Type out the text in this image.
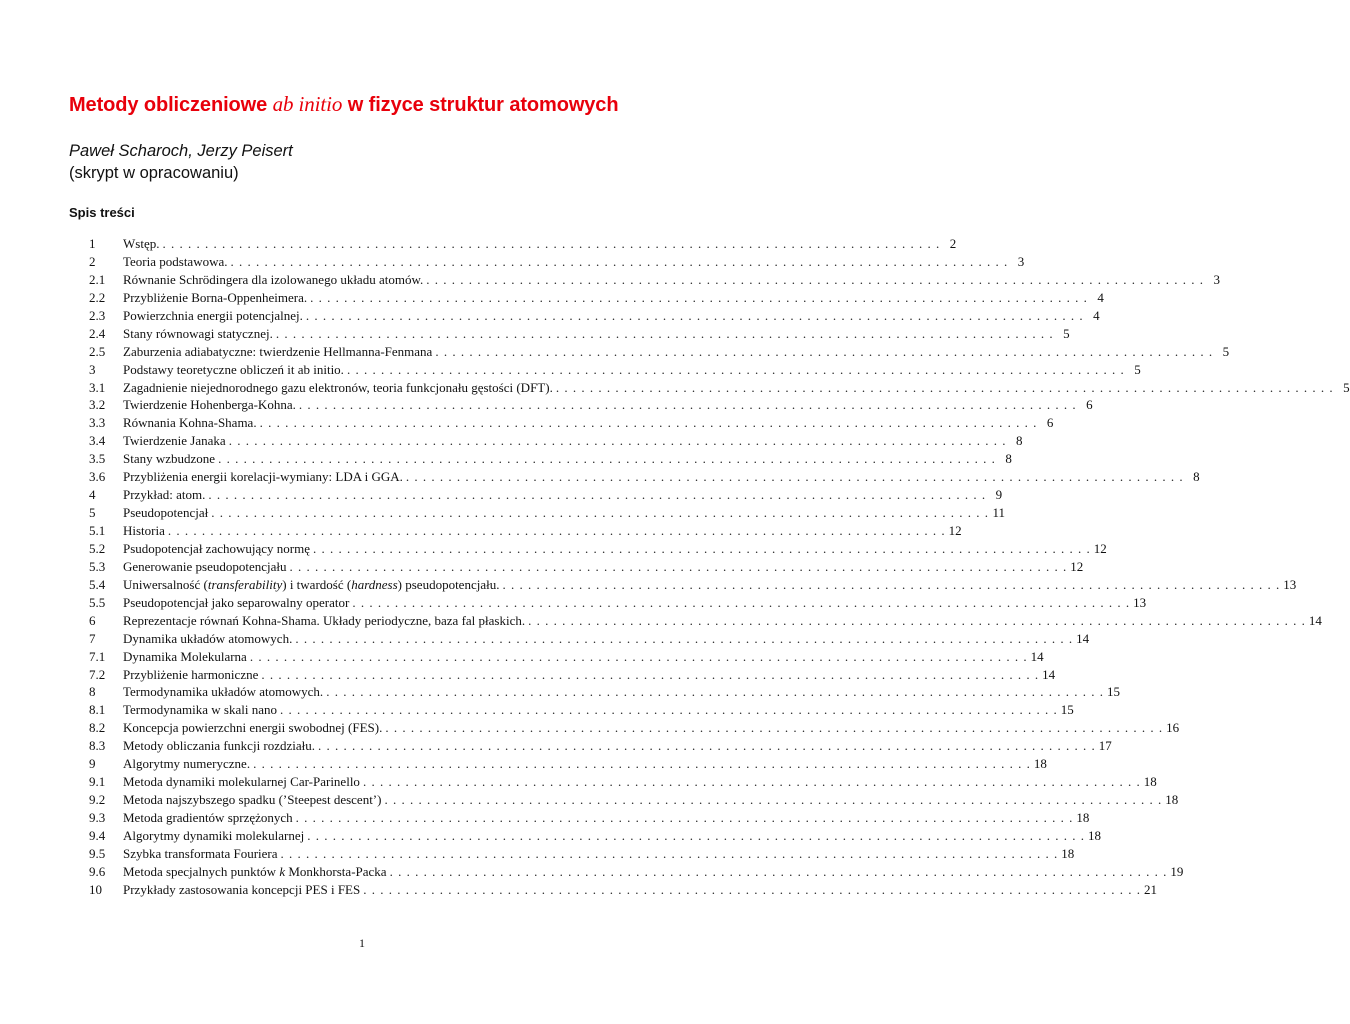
Metody obliczeniowe ab initio w fizyce struktur atomowych
Paweł Scharoch, Jerzy Peisert
(skrypt w opracowaniu)
Spis treści
1	Wstęp. . . .	2
2	Teoria podstawowa. . . .	3
2.1	Równanie Schrödingera dla izolowanego układu atomów. . . .	3
2.2	Przybliżenie Borna-Oppenheimera. . . .	4
2.3	Powierzchnia energii potencjalnej. . . .	4
2.4	Stany równowagi statycznej. . . .	5
2.5	Zaburzenia adiabatyczne: twierdzenie Hellmanna-Fenmana . . .	5
3	Podstawy teoretyczne obliczeń it ab initio. . . .	5
3.1	Zagadnienie niejednorodnego gazu elektronów, teoria funkcjonału gęstości (DFT). . . .	5
3.2	Twierdzenie Hohenberga-Kohna. . . .	6
3.3	Równania Kohna-Shama. . . .	6
3.4	Twierdzenie Janaka . . .	8
3.5	Stany wzbudzone . . .	8
3.6	Przybliżenia energii korelacji-wymiany: LDA i GGA. . . .	8
4	Przykład: atom. . . .	9
5	Pseudopotencjał . . .	11
5.1	Historia . . .	12
5.2	Psudopotencjał zachowujący normę . . .	12
5.3	Generowanie pseudopotencjału . . .	12
5.4	Uniwersalność (transferability) i twardość (hardness) pseudopotencjału. . . .	13
5.5	Pseudopotencjał jako separowalny operator . . .	13
6	Reprezentacje równań Kohna-Shama. Układy periodyczne, baza fal płaskich. . . .	14
7	Dynamika układów atomowych. . . .	14
7.1	Dynamika Molekularna . . .	14
7.2	Przybliżenie harmoniczne . . .	14
8	Termodynamika układów atomowych. . . .	15
8.1	Termodynamika w skali nano . . .	15
8.2	Koncepcja powierzchni energii swobodnej (FES). . . .	16
8.3	Metody obliczania funkcji rozdziału. . . .	17
9	Algorytmy numeryczne. . . .	18
9.1	Metoda dynamiki molekularnej Car-Parinello . . .	18
9.2	Metoda najszybszego spadku (’Steepest descent’) . . .	18
9.3	Metoda gradientów sprzężonych . . .	18
9.4	Algorytmy dynamiki molekularnej . . .	18
9.5	Szybka transformata Fouriera . . .	18
9.6	Metoda specjalnych punktów k Monkhorsta-Packa . . .	19
10	Przykłady zastosowania koncepcji PES i FES . . .	21
1
